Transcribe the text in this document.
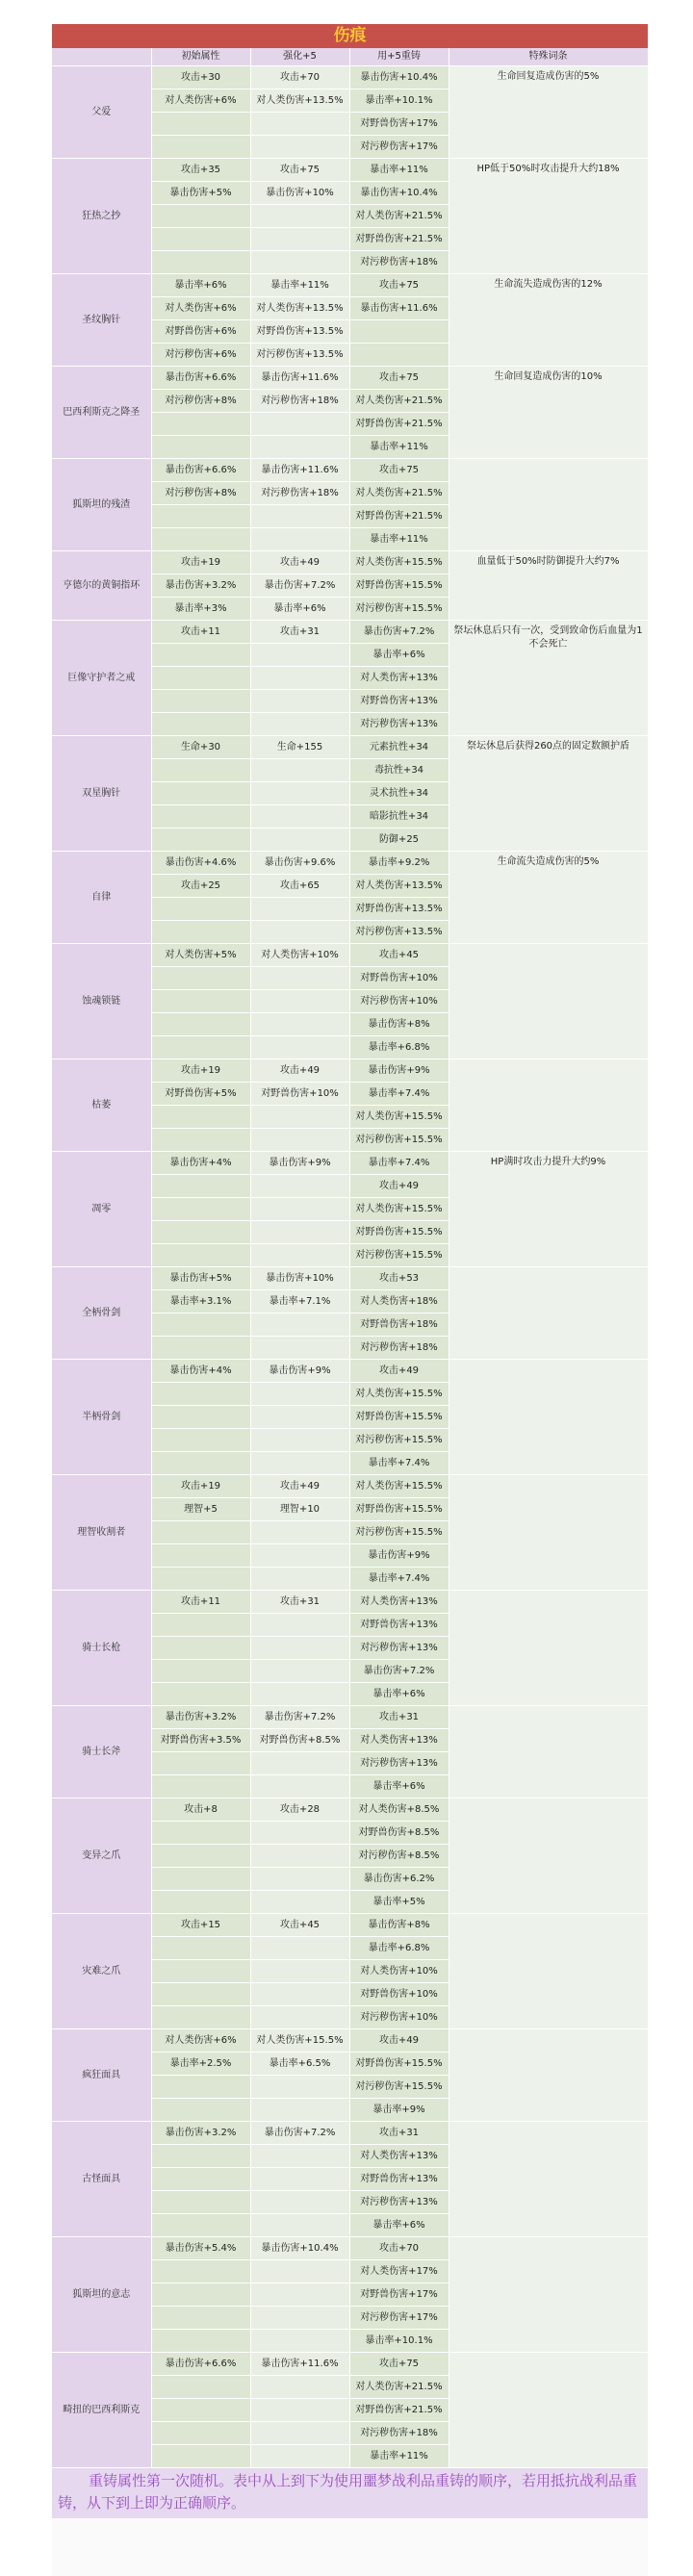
伤痕
	初始属性	强化+5	用+5重铸	特殊词条
父爱	攻击+30	攻击+70	暴击伤害+10.4%	生命回复造成伤害的5%
	对人类伤害+6%	对人类伤害+13.5%	暴击率+10.1%	
			对野兽伤害+17%	
			对污秽伤害+17%	
狂热之抄	攻击+35	攻击+75	暴击率+11%	HP低于50%时攻击提升大约18%
	暴击伤害+5%	暴击伤害+10%	暴击伤害+10.4%	
			对人类伤害+21.5%	
			对野兽伤害+21.5%	
			对污秽伤害+18%	
圣纹胸针	暴击率+6%	暴击率+11%	攻击+75	生命流失造成伤害的12%
	对人类伤害+6%	对人类伤害+13.5%	暴击伤害+11.6%	
	对野兽伤害+6%	对野兽伤害+13.5%		
	对污秽伤害+6%	对污秽伤害+13.5%		
巴西利斯克之降圣	暴击伤害+6.6%	暴击伤害+11.6%	攻击+75	生命回复造成伤害的10%
	对污秽伤害+8%	对污秽伤害+18%	对人类伤害+21.5%	
			对野兽伤害+21.5%	
			暴击率+11%	
狐斯坦的残渣	暴击伤害+6.6%	暴击伤害+11.6%	攻击+75	
	对污秽伤害+8%	对污秽伤害+18%	对人类伤害+21.5%	
			对野兽伤害+21.5%	
			暴击率+11%	
亨德尔的黄铜指环	攻击+19	攻击+49	对人类伤害+15.5%	血量低于50%时防御提升大约7%
	暴击伤害+3.2%	暴击伤害+7.2%	对野兽伤害+15.5%	
	暴击率+3%	暴击率+6%	对污秽伤害+15.5%	
巨像守护者之戒	攻击+11	攻击+31	暴击伤害+7.2%	祭坛休息后只有一次，受到致命伤后血量为1不会死亡
			暴击率+6%	
			对人类伤害+13%	
			对野兽伤害+13%	
			对污秽伤害+13%	
双星胸针	生命+30	生命+155	元素抗性+34	祭坛休息后获得260点的固定数额护盾
			毒抗性+34	
			灵术抗性+34	
			暗影抗性+34	
			防御+25	
自律	暴击伤害+4.6%	暴击伤害+9.6%	暴击率+9.2%	生命流失造成伤害的5%
	攻击+25	攻击+65	对人类伤害+13.5%	
			对野兽伤害+13.5%	
			对污秽伤害+13.5%	
蚀魂锁链	对人类伤害+5%	对人类伤害+10%	攻击+45	
			对野兽伤害+10%	
			对污秽伤害+10%	
			暴击伤害+8%	
			暴击率+6.8%	
枯萎	攻击+19	攻击+49	暴击伤害+9%	
	对野兽伤害+5%	对野兽伤害+10%	暴击率+7.4%	
			对人类伤害+15.5%	
			对污秽伤害+15.5%	
凋零	暴击伤害+4%	暴击伤害+9%	暴击率+7.4%	HP满时攻击力提升大约9%
			攻击+49	
			对人类伤害+15.5%	
			对野兽伤害+15.5%	
			对污秽伤害+15.5%	
全柄骨剑	暴击伤害+5%	暴击伤害+10%	攻击+53	
	暴击率+3.1%	暴击率+7.1%	对人类伤害+18%	
			对野兽伤害+18%	
			对污秽伤害+18%	
半柄骨剑	暴击伤害+4%	暴击伤害+9%	攻击+49	
			对人类伤害+15.5%	
			对野兽伤害+15.5%	
			对污秽伤害+15.5%	
			暴击率+7.4%	
理智收割者	攻击+19	攻击+49	对人类伤害+15.5%	
	理智+5	理智+10	对野兽伤害+15.5%	
			对污秽伤害+15.5%	
			暴击伤害+9%	
			暴击率+7.4%	
骑士长枪	攻击+11	攻击+31	对人类伤害+13%	
			对野兽伤害+13%	
			对污秽伤害+13%	
			暴击伤害+7.2%	
			暴击率+6%	
骑士长斧	暴击伤害+3.2%	暴击伤害+7.2%	攻击+31	
	对野兽伤害+3.5%	对野兽伤害+8.5%	对人类伤害+13%	
			对污秽伤害+13%	
			暴击率+6%	
变异之爪	攻击+8	攻击+28	对人类伤害+8.5%	
			对野兽伤害+8.5%	
			对污秽伤害+8.5%	
			暴击伤害+6.2%	
			暴击率+5%	
灾难之爪	攻击+15	攻击+45	暴击伤害+8%	
			暴击率+6.8%	
			对人类伤害+10%	
			对野兽伤害+10%	
			对污秽伤害+10%	
疯狂面具	对人类伤害+6%	对人类伤害+15.5%	攻击+49	
	暴击率+2.5%	暴击率+6.5%	对野兽伤害+15.5%	
			对污秽伤害+15.5%	
			暴击率+9%	
古怪面具	暴击伤害+3.2%	暴击伤害+7.2%	攻击+31	
			对人类伤害+13%	
			对野兽伤害+13%	
			对污秽伤害+13%	
			暴击率+6%	
狐斯坦的意志	暴击伤害+5.4%	暴击伤害+10.4%	攻击+70	
			对人类伤害+17%	
			对野兽伤害+17%	
			对污秽伤害+17%	
			暴击率+10.1%	
畸扭的巴西利斯克	暴击伤害+6.6%	暴击伤害+11.6%	攻击+75	
			对人类伤害+21.5%	
			对野兽伤害+21.5%	
			对污秽伤害+18%	
			暴击率+11%	
重铸属性第一次随机。表中从上到下为使用噩梦战利品重铸的顺序，若用抵抗战利品重铸，从下到上即为正确顺序。
